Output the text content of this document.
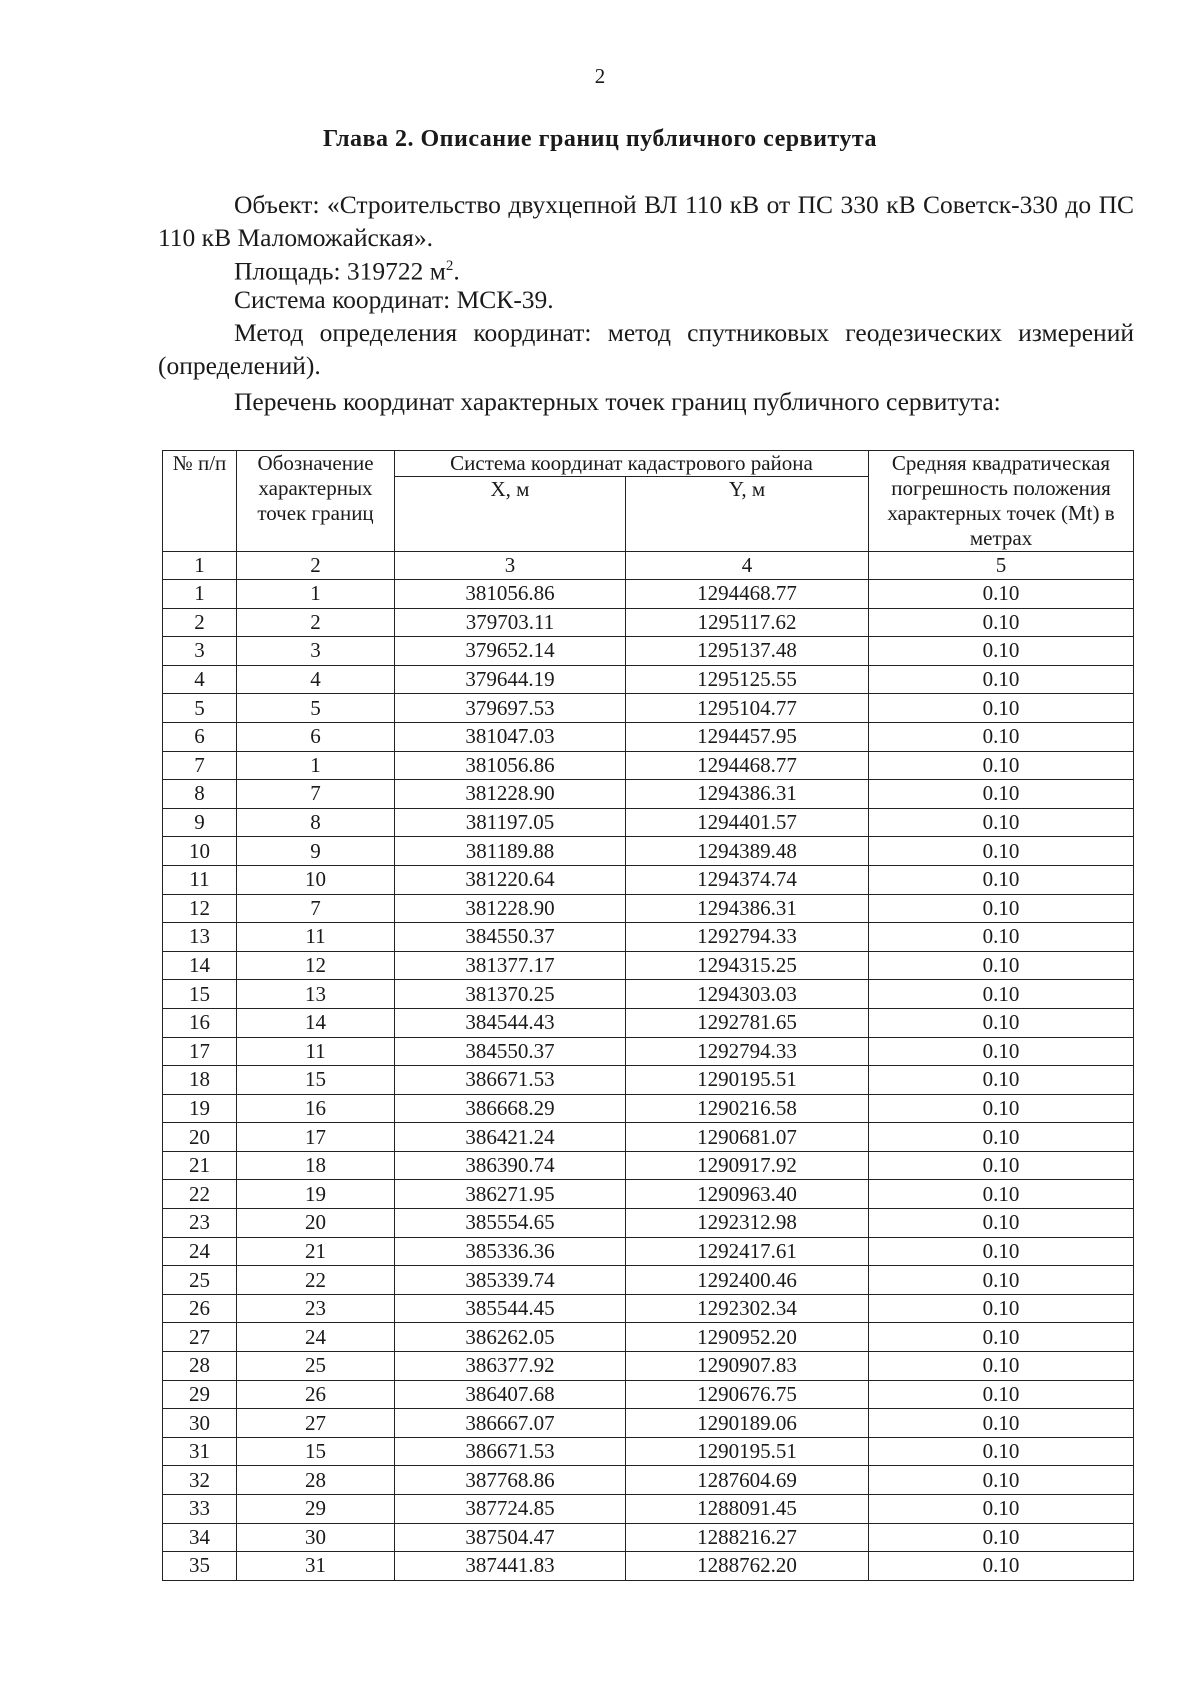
2
Глава 2. Описание границ публичного сервитута

Объект: «Строительство двухцепной ВЛ 110 кВ от ПС 330 кВ Советск-330 до ПС 110 кВ Маломожайская».

Площадь: 319722 $м^2$.

Система координат: МСК-39.

Метод определения координат: метод спутниковых геодезических измерений (определений).

Перечень координат характерных точек границ публичного сервитута:

№ п/п	Обозначение характерных точек границ	Система координат кадастрового района		Средняя квадратическая погрешность положения характерных точек (Mt) в метрах
		X, м	Y, м	
1	2	3	4	5
1	1	381056.86	1294468.77	0.10
2	2	379703.11	1295117.62	0.10
3	3	379652.14	1295137.48	0.10
4	4	379644.19	1295125.55	0.10
5	5	379697.53	1295104.77	0.10
6	6	381047.03	1294457.95	0.10
7	1	381056.86	1294468.77	0.10
8	7	381228.90	1294386.31	0.10
9	8	381197.05	1294401.57	0.10
10	9	381189.88	1294389.48	0.10
11	10	381220.64	1294374.74	0.10
12	7	381228.90	1294386.31	0.10
13	11	384550.37	1292794.33	0.10
14	12	381377.17	1294315.25	0.10
15	13	381370.25	1294303.03	0.10
16	14	384544.43	1292781.65	0.10
17	11	384550.37	1292794.33	0.10
18	15	386671.53	1290195.51	0.10
19	16	386668.29	1290216.58	0.10
20	17	386421.24	1290681.07	0.10
21	18	386390.74	1290917.92	0.10
22	19	386271.95	1290963.40	0.10
23	20	385554.65	1292312.98	0.10
24	21	385336.36	1292417.61	0.10
25	22	385339.74	1292400.46	0.10
26	23	385544.45	1292302.34	0.10
27	24	386262.05	1290952.20	0.10
28	25	386377.92	1290907.83	0.10
29	26	386407.68	1290676.75	0.10
30	27	386667.07	1290189.06	0.10
31	15	386671.53	1290195.51	0.10
32	28	387768.86	1287604.69	0.10
33	29	387724.85	1288091.45	0.10
34	30	387504.47	1288216.27	0.10
35	31	387441.83	1288762.20	0.10
